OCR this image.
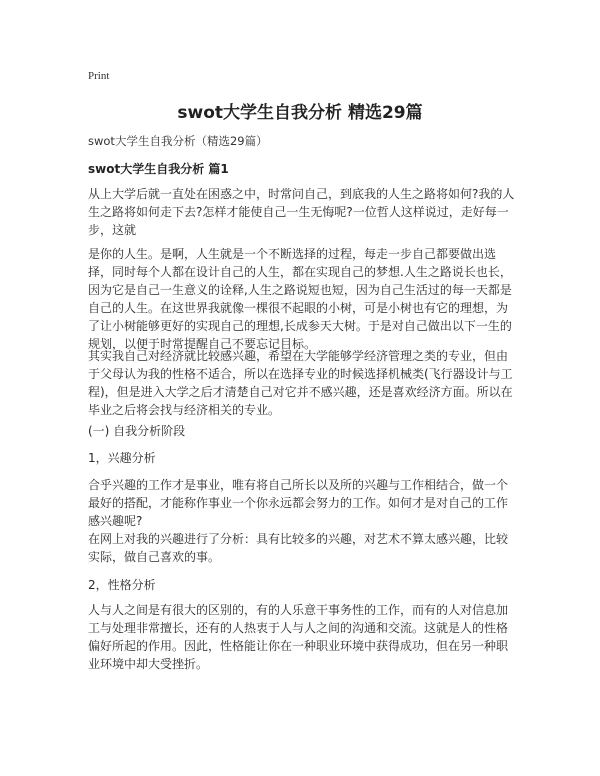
Print
swot大学生自我分析 精选29篇
swot大学生自我分析（精选29篇）
swot大学生自我分析 篇1

从上大学后就一直处在困惑之中，时常问自己，到底我的人生之路将如何?我的人生之路将如何走下去?怎样才能使自己一生无悔呢?一位哲人这样说过，走好每一步，这就

是你的人生。是啊，人生就是一个不断选择的过程，每走一步自己都要做出选择，同时每个人都在设计自己的人生，都在实现自己的梦想.人生之路说长也长，因为它是自己一生意义的诠释,人生之路说短也短，因为自己生活过的每一天都是自己的人生。在这世界我就像一棵很不起眼的小树，可是小树也有它的理想，为了让小树能够更好的实现自己的理想,长成参天大树。于是对自己做出以下一生的规划，以便于时常提醒自己不要忘记目标。

其实我自己对经济就比较感兴趣，希望在大学能够学经济管理之类的专业，但由于父母认为我的性格不适合，所以在选择专业的时候选择机械类(飞行器设计与工程)，但是进入大学之后才清楚自己对它并不感兴趣，还是喜欢经济方面。所以在毕业之后将会找与经济相关的专业。

(一) 自我分析阶段

1，兴趣分析

合乎兴趣的工作才是事业，唯有将自己所长以及所的兴趣与工作相结合，做一个最好的搭配，才能称作事业一个你永远都会努力的工作。如何才是对自己的工作感兴趣呢?

在网上对我的兴趣进行了分析：具有比较多的兴趣，对艺术不算太感兴趣，比较实际，做自己喜欢的事。

2，性格分析

人与人之间是有很大的区别的，有的人乐意干事务性的工作，而有的人对信息加工与处理非常擅长，还有的人热衷于人与人之间的沟通和交流。这就是人的性格偏好所起的作用。因此，性格能让你在一种职业环境中获得成功，但在另一种职业环境中却大受挫折。
